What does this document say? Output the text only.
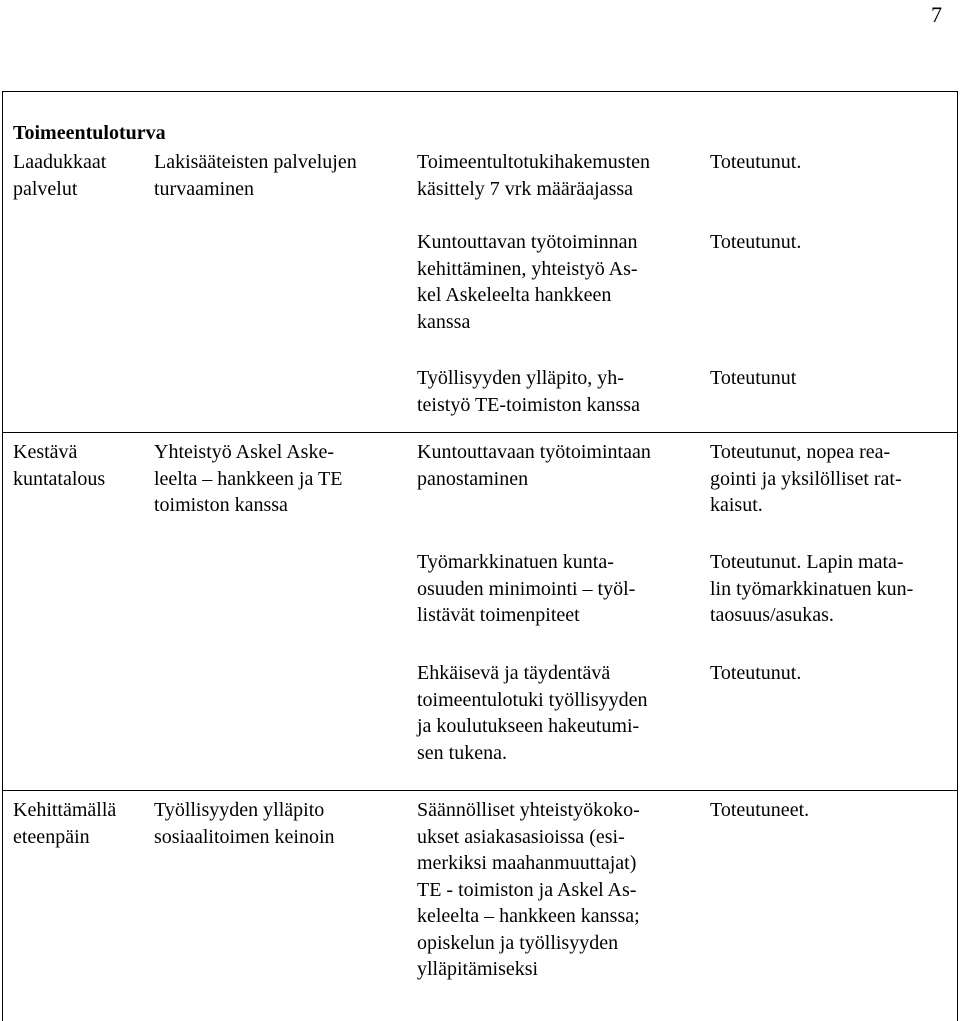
7
Toimeentuloturva
Laadukkaat
palvelut
Lakisääteisten palvelujen
turvaaminen
Toimeentultotukihakemusten
käsittely 7 vrk määräajassa
Toteutunut.
Kuntouttavan työtoiminnan
kehittäminen, yhteistyö As-
kel Askeleelta hankkeen
kanssa
Toteutunut.
Työllisyyden ylläpito, yh-
teistyö TE-toimiston kanssa
Toteutunut
Kestävä
kuntatalous
Yhteistyö Askel Aske-
leelta – hankkeen ja TE
toimiston kanssa
Kuntouttavaan työtoimintaan
panostaminen
Toteutunut, nopea rea-
gointi ja yksilölliset rat-
kaisut.
Työmarkkinatuen kunta-
osuuden minimointi – työl-
listävät toimenpiteet
Toteutunut. Lapin mata-
lin työmarkkinatuen kun-
taosuus/asukas.
Ehkäisevä ja täydentävä
toimeentulotuki työllisyyden
ja koulutukseen hakeutumi-
sen tukena.
Toteutunut.
Kehittämällä
eteenpäin
Työllisyyden ylläpito
sosiaalitoimen keinoin
Säännölliset yhteistyökoko-
ukset asiakasasioissa (esi-
merkiksi maahanmuuttajat)
TE - toimiston ja Askel As-
keleelta – hankkeen kanssa;
opiskelun ja työllisyyden
ylläpitämiseksi
Toteutuneet.
